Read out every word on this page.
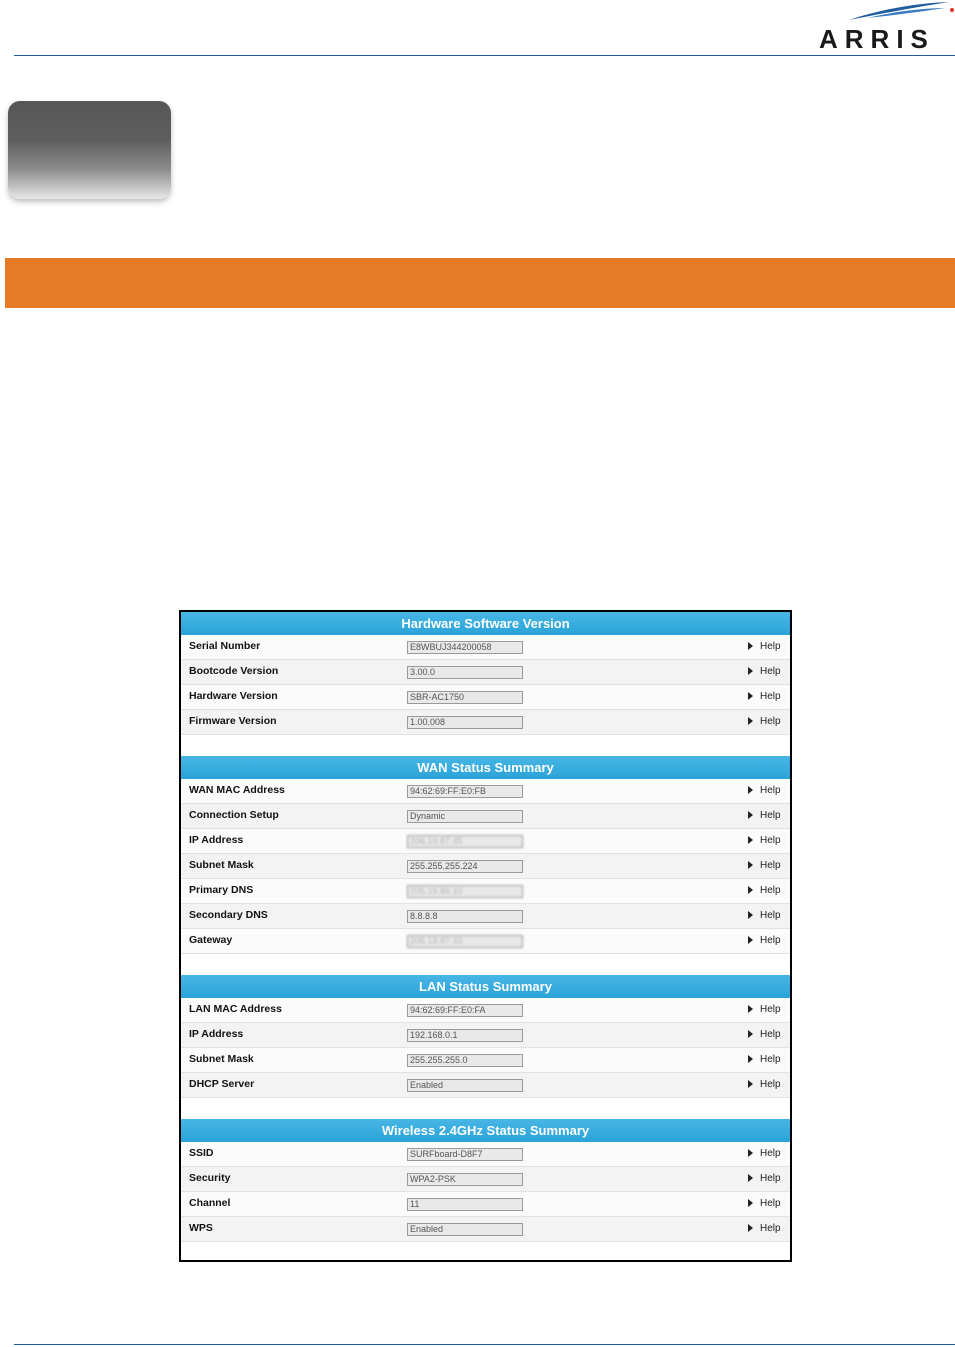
ARRIS
Hardware Software Version
Serial Number	E8WBUJ344200058	Help
Bootcode Version	3.00.0	Help
Hardware Version	SBR-AC1750	Help
Firmware Version	1.00.008	Help
WAN Status Summary
WAN MAC Address	94:62:69:FF:E0:FB	Help
Connection Setup	Dynamic	Help
IP Address	206.19.87.45	Help
Subnet Mask	255.255.255.224	Help
Primary DNS	206.19.86.10	Help
Secondary DNS	8.8.8.8	Help
Gateway	206.19.87.33	Help
LAN Status Summary
LAN MAC Address	94:62:69:FF:E0:FA	Help
IP Address	192.168.0.1	Help
Subnet Mask	255.255.255.0	Help
DHCP Server	Enabled	Help
Wireless 2.4GHz Status Summary
SSID	SURFboard-D8F7	Help
Security	WPA2-PSK	Help
Channel	11	Help
WPS	Enabled	Help
